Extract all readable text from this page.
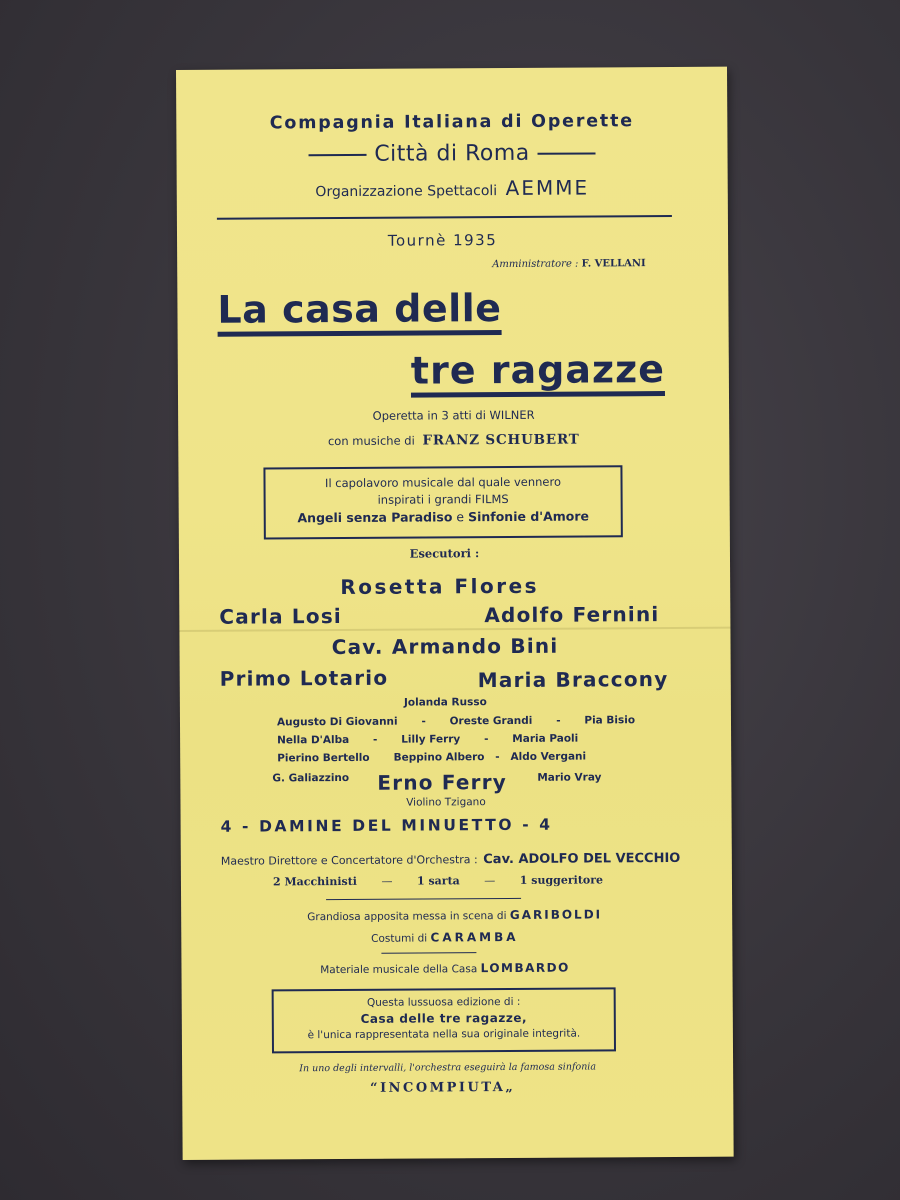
Compagnia Italiana di Operette
Città di Roma
Organizzazione Spettacoli AEMME
Tournè 1935
Amministratore : F. VELLANI
La casa delle
tre ragazze
Operetta in 3 atti di WILNER
con musiche di FRANZ SCHUBERT
Il capolavoro musicale dal quale vennero
inspirati i grandi FILMS
Angeli senza Paradiso e Sinfonie d'Amore
Esecutori :
Rosetta Flores
Carla Losi	Adolfo Fernini
Cav. Armando Bini
Primo Lotario	Maria Braccony
Jolanda Russo
Augusto Di Giovanni - Oreste Grandi - Pia Bisio
Nella D'Alba - Lilly Ferry - Maria Paoli
Pierino Bertello Beppino Albero - Aldo Vergani
G. Galiazzino Erno Ferry	Mario Vray
Violino Tzigano
4 - DAMINE DEL MINUETTO - 4
Maestro Direttore e Concertatore d'Orchestra : Cav. ADOLFO DEL VECCHIO
2 Macchinisti — 1 sarta — 1 suggeritore
Grandiosa apposita messa in scena di GARIBOLDI
Costumi di CARAMBA
Materiale musicale della Casa LOMBARDO
Questa lussuosa edizione di :
Casa delle tre ragazze,
è l'unica rappresentata nella sua originale integrità.
In uno degli intervalli, l'orchestra eseguirà la famosa sinfonia
“INCOMPIUTA„
